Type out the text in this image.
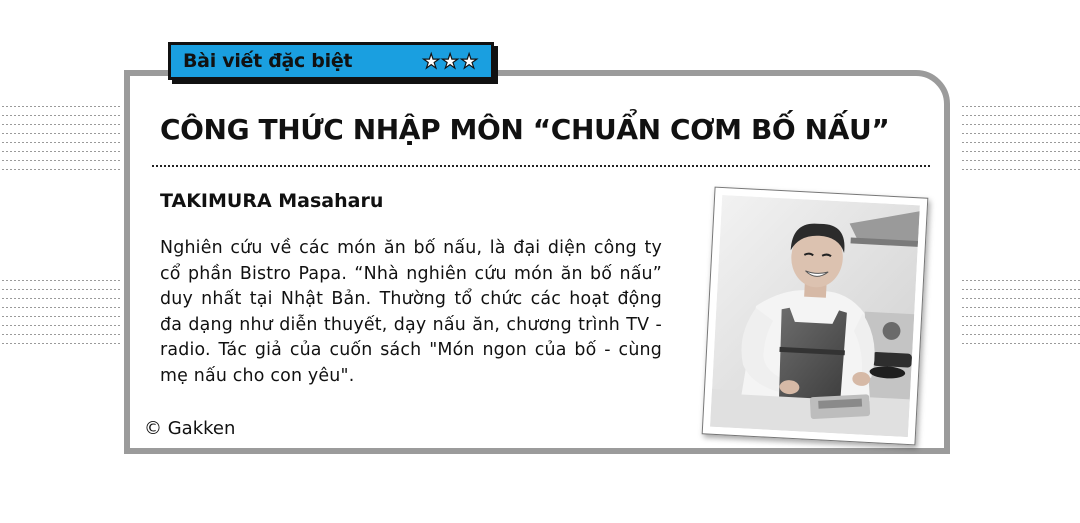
Bài viết đặc biệt	★★★
CÔNG THỨC NHẬP MÔN “CHUẨN CƠM BỐ NẤU”
TAKIMURA Masaharu

Nghiên cứu về các món ăn bố nấu, là đại diện công ty cổ phần Bistro Papa. “Nhà nghiên cứu món ăn bố nấu” duy nhất tại Nhật Bản. Thường tổ chức các hoạt động đa dạng như diễn thuyết, dạy nấu ăn, chương trình TV - radio. Tác giả của cuốn sách "Món ngon của bố - cùng mẹ nấu cho con yêu".

© Gakken
